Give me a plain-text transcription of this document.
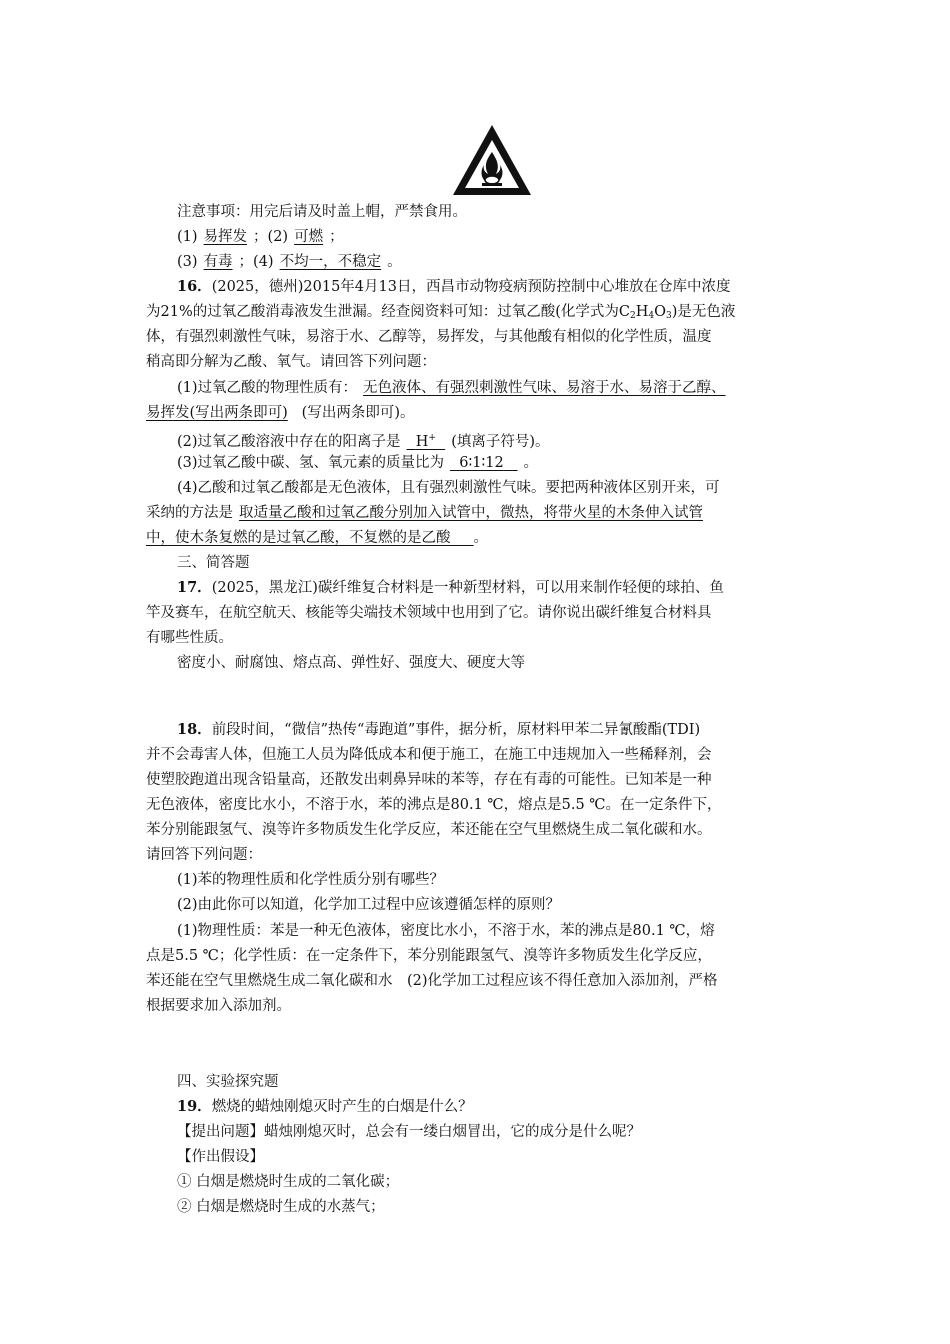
注意事项：用完后请及时盖上帽，严禁食用。
(1) 易挥发 ；(2) 可燃 ；
(3) 有毒 ；(4) 不均一，不稳定 。
16．(2025，德州)2015年4月13日，西昌市动物疫病预防控制中心堆放在仓库中浓度
为21%的过氧乙酸消毒液发生泄漏。经查阅资料可知：过氧乙酸(化学式为$C_2H_4O_3$)是无色液
体，有强烈刺激性气味，易溶于水、乙醇等，易挥发，与其他酸有相似的化学性质，温度
稍高即分解为乙酸、氧气。请回答下列问题：
(1)过氧乙酸的物理性质有： 无色液体、有强烈刺激性气味、易溶于水、易溶于乙醇、
易挥发(写出两条即可) (写出两条即可)。
(2)过氧乙酸溶液中存在的阳离子是 H+ (填离子符号)。
(3)过氧乙酸中碳、氢、氧元素的质量比为 6∶1∶12 。
(4)乙酸和过氧乙酸都是无色液体，且有强烈刺激性气味。要把两种液体区别开来，可
采纳的方法是 取适量乙酸和过氧乙酸分别加入试管中，微热，将带火星的木条伸入试管
中，使木条复燃的是过氧乙酸，不复燃的是乙酸 。
三、简答题
17．(2025，黑龙江)碳纤维复合材料是一种新型材料，可以用来制作轻便的球拍、鱼
竿及赛车，在航空航天、核能等尖端技术领域中也用到了它。请你说出碳纤维复合材料具
有哪些性质。
密度小、耐腐蚀、熔点高、弹性好、强度大、硬度大等
18．前段时间，“微信”热传“毒跑道”事件，据分析，原材料甲苯二异氰酸酯(TDI)
并不会毒害人体，但施工人员为降低成本和便于施工，在施工中违规加入一些稀释剂，会
使塑胶跑道出现含铅量高，还散发出刺鼻异味的苯等，存在有毒的可能性。已知苯是一种
无色液体，密度比水小，不溶于水，苯的沸点是80.1 ℃，熔点是5.5 ℃。在一定条件下，
苯分别能跟氢气、溴等许多物质发生化学反应，苯还能在空气里燃烧生成二氧化碳和水。
请回答下列问题：
(1)苯的物理性质和化学性质分别有哪些？
(2)由此你可以知道，化学加工过程中应该遵循怎样的原则？
(1)物理性质：苯是一种无色液体，密度比水小，不溶于水，苯的沸点是80.1 ℃，熔
点是5.5 ℃；化学性质：在一定条件下，苯分别能跟氢气、溴等许多物质发生化学反应，
苯还能在空气里燃烧生成二氧化碳和水　(2)化学加工过程应该不得任意加入添加剂，严格
根据要求加入添加剂。
四、实验探究题
19．燃烧的蜡烛刚熄灭时产生的白烟是什么？
【提出问题】蜡烛刚熄灭时，总会有一缕白烟冒出，它的成分是什么呢？
【作出假设】
① 白烟是燃烧时生成的二氧化碳；
② 白烟是燃烧时生成的水蒸气；
